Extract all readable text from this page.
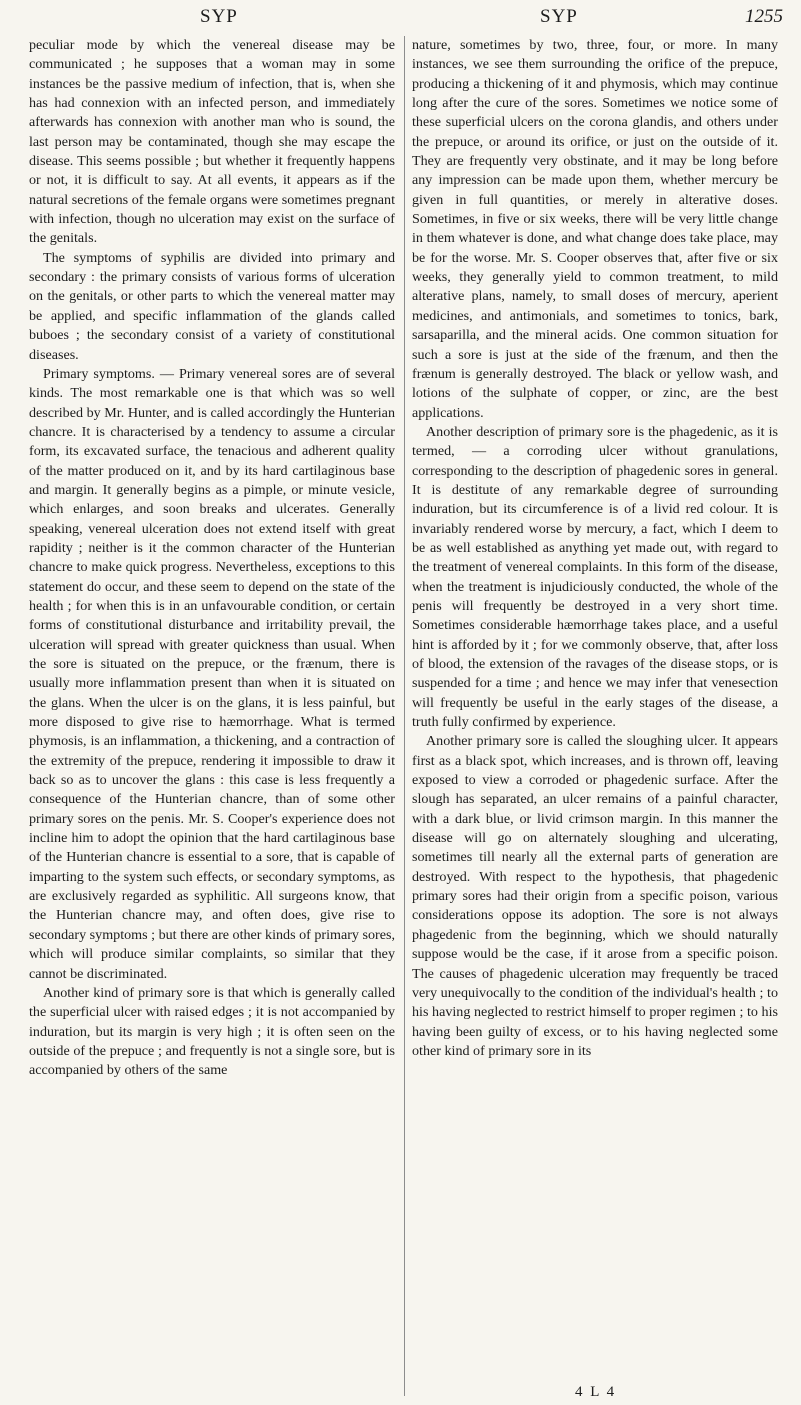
SYP	SYP	1255

peculiar mode by which the venereal disease may be communicated ; he supposes that a woman may in some instances be the passive medium of infection, that is, when she has had connexion with an infected person, and immediately afterwards has connexion with another man who is sound, the last person may be contaminated, though she may escape the disease. This seems possible ; but whether it frequently happens or not, it is difficult to say. At all events, it appears as if the natural secretions of the female organs were sometimes pregnant with infection, though no ulceration may exist on the surface of the genitals.

The symptoms of syphilis are divided into primary and secondary : the primary consists of various forms of ulceration on the genitals, or other parts to which the venereal matter may be applied, and specific inflammation of the glands called buboes ; the secondary consist of a variety of constitutional diseases.

Primary symptoms. — Primary venereal sores are of several kinds. The most remarkable one is that which was so well described by Mr. Hunter, and is called accordingly the Hunterian chancre. It is characterised by a tendency to assume a circular form, its excavated surface, the tenacious and adherent quality of the matter produced on it, and by its hard cartilaginous base and margin. It generally begins as a pimple, or minute vesicle, which enlarges, and soon breaks and ulcerates. Generally speaking, venereal ulceration does not extend itself with great rapidity ; neither is it the common character of the Hunterian chancre to make quick progress. Nevertheless, exceptions to this statement do occur, and these seem to depend on the state of the health ; for when this is in an unfavourable condition, or certain forms of constitutional disturbance and irritability prevail, the ulceration will spread with greater quickness than usual. When the sore is situated on the prepuce, or the frænum, there is usually more inflammation present than when it is situated on the glans. When the ulcer is on the glans, it is less painful, but more disposed to give rise to hæmorrhage. What is termed phymosis, is an inflammation, a thickening, and a contraction of the extremity of the prepuce, rendering it impossible to draw it back so as to uncover the glans : this case is less frequently a consequence of the Hunterian chancre, than of some other primary sores on the penis. Mr. S. Cooper's experience does not incline him to adopt the opinion that the hard cartilaginous base of the Hunterian chancre is essential to a sore, that is capable of imparting to the system such effects, or secondary symptoms, as are exclusively regarded as syphilitic. All surgeons know, that the Hunterian chancre may, and often does, give rise to secondary symptoms ; but there are other kinds of primary sores, which will produce similar complaints, so similar that they cannot be discriminated.

Another kind of primary sore is that which is generally called the superficial ulcer with raised edges ; it is not accompanied by induration, but its margin is very high ; it is often seen on the outside of the prepuce ; and frequently is not a single sore, but is accompanied by others of the same

nature, sometimes by two, three, four, or more. In many instances, we see them surrounding the orifice of the prepuce, producing a thickening of it and phymosis, which may continue long after the cure of the sores. Sometimes we notice some of these superficial ulcers on the corona glandis, and others under the prepuce, or around its orifice, or just on the outside of it. They are frequently very obstinate, and it may be long before any impression can be made upon them, whether mercury be given in full quantities, or merely in alterative doses. Sometimes, in five or six weeks, there will be very little change in them whatever is done, and what change does take place, may be for the worse. Mr. S. Cooper observes that, after five or six weeks, they generally yield to common treatment, to mild alterative plans, namely, to small doses of mercury, aperient medicines, and antimonials, and sometimes to tonics, bark, sarsaparilla, and the mineral acids. One common situation for such a sore is just at the side of the frænum, and then the frænum is generally destroyed. The black or yellow wash, and lotions of the sulphate of copper, or zinc, are the best applications.

Another description of primary sore is the phagedenic, as it is termed, — a corroding ulcer without granulations, corresponding to the description of phagedenic sores in general. It is destitute of any remarkable degree of surrounding induration, but its circumference is of a livid red colour. It is invariably rendered worse by mercury, a fact, which I deem to be as well established as anything yet made out, with regard to the treatment of venereal complaints. In this form of the disease, when the treatment is injudiciously conducted, the whole of the penis will frequently be destroyed in a very short time. Sometimes considerable hæmorrhage takes place, and a useful hint is afforded by it ; for we commonly observe, that, after loss of blood, the extension of the ravages of the disease stops, or is suspended for a time ; and hence we may infer that venesection will frequently be useful in the early stages of the disease, a truth fully confirmed by experience.

Another primary sore is called the sloughing ulcer. It appears first as a black spot, which increases, and is thrown off, leaving exposed to view a corroded or phagedenic surface. After the slough has separated, an ulcer remains of a painful character, with a dark blue, or livid crimson margin. In this manner the disease will go on alternately sloughing and ulcerating, sometimes till nearly all the external parts of generation are destroyed. With respect to the hypothesis, that phagedenic primary sores had their origin from a specific poison, various considerations oppose its adoption. The sore is not always phagedenic from the beginning, which we should naturally suppose would be the case, if it arose from a specific poison. The causes of phagedenic ulceration may frequently be traced very unequivocally to the condition of the individual's health ; to his having neglected to restrict himself to proper regimen ; to his having been guilty of excess, or to his having neglected some other kind of primary sore in its

4 L 4
